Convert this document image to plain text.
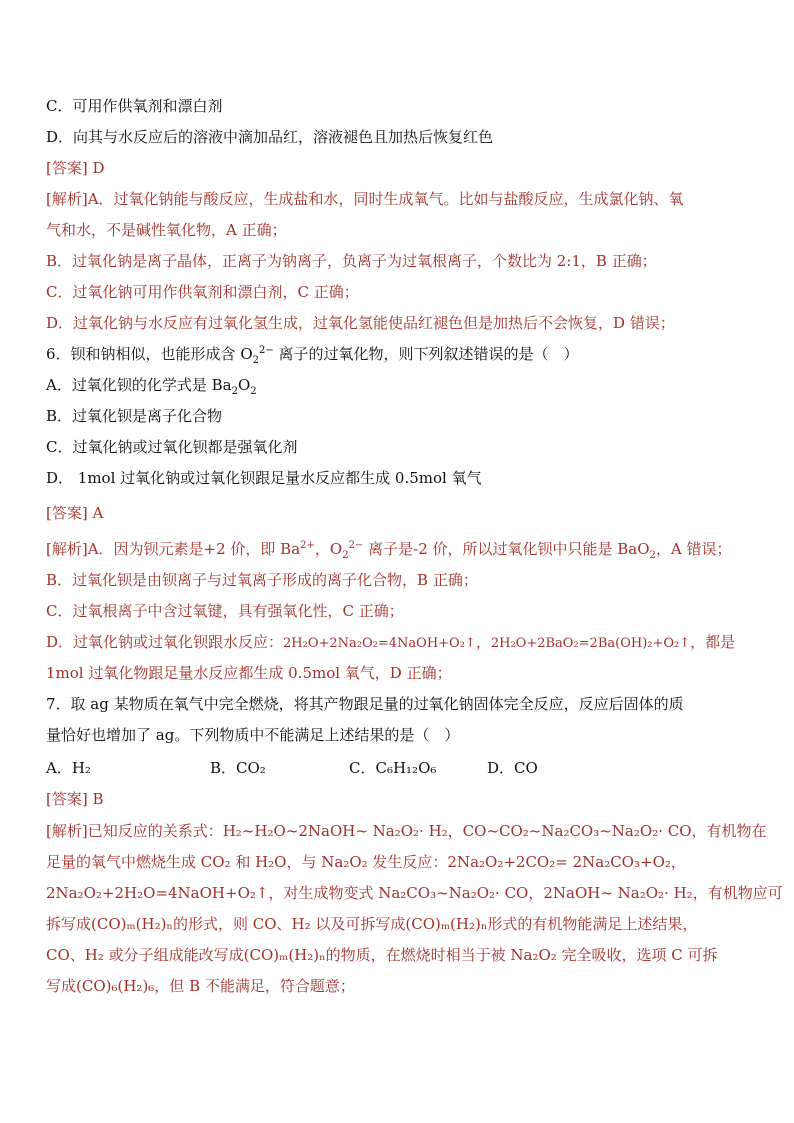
C．可用作供氧剂和漂白剂
D．向其与水反应后的溶液中滴加品红，溶液褪色且加热后恢复红色
[答案] D
[解析]A．过氧化钠能与酸反应，生成盐和水，同时生成氧气。比如与盐酸反应，生成氯化钠、氧
气和水，不是碱性氧化物，A 正确；
B．过氧化钠是离子晶体，正离子为钠离子，负离子为过氧根离子，个数比为 2:1，B 正确；
C．过氧化钠可用作供氧剂和漂白剂，C 正确；
D．过氧化钠与水反应有过氧化氢生成，过氧化氢能使品红褪色但是加热后不会恢复，D 错误；
6．钡和钠相似，也能形成含 $O_2^{2-}$ 离子的过氧化物，则下列叙述错误的是（　）
A．过氧化钡的化学式是 $Ba_2O_2$
B．过氧化钡是离子化合物
C．过氧化钠或过氧化钡都是强氧化剂
D． 1mol 过氧化钠或过氧化钡跟足量水反应都生成 0.5mol 氧气
[答案] A
[解析]A．因为钡元素是+2 价，即 $Ba^{2+}$，$O_2^{2-}$ 离子是-2 价，所以过氧化钡中只能是 BaO$_2$，A 错误；
B．过氧化钡是由钡离子与过氧离子形成的离子化合物，B 正确；
C．过氧根离子中含过氧键，具有强氧化性，C 正确；
D．过氧化钠或过氧化钡跟水反应：2H₂O+2Na₂O₂=4NaOH+O₂↑，2H₂O+2BaO₂=2Ba(OH)₂+O₂↑，都是
1mol 过氧化物跟足量水反应都生成 0.5mol 氧气，D 正确；
7．取 ag 某物质在氧气中完全燃烧，将其产物跟足量的过氧化钠固体完全反应，反应后固体的质
量恰好也增加了 ag。下列物质中不能满足上述结果的是（　）
A．H₂	B．CO₂	C．C₆H₁₂O₆	D．CO
[答案] B
[解析]已知反应的关系式：H₂~H₂O~2NaOH~ Na₂O₂· H₂，CO~CO₂~Na₂CO₃~Na₂O₂· CO，有机物在
足量的氧气中燃烧生成 CO₂ 和 H₂O，与 Na₂O₂ 发生反应：2Na₂O₂+2CO₂= 2Na₂CO₃+O₂，
2Na₂O₂+2H₂O=4NaOH+O₂↑，对生成物变式 Na₂CO₃~Na₂O₂· CO，2NaOH~ Na₂O₂· H₂，有机物应可
拆写成(CO)ₘ(H₂)ₙ的形式，则 CO、H₂ 以及可拆写成(CO)ₘ(H₂)ₙ形式的有机物能满足上述结果，
CO、H₂ 或分子组成能改写成(CO)ₘ(H₂)ₙ的物质，在燃烧时相当于被 Na₂O₂ 完全吸收，选项 C 可拆
写成(CO)₆(H₂)₆，但 B 不能满足，符合题意；
